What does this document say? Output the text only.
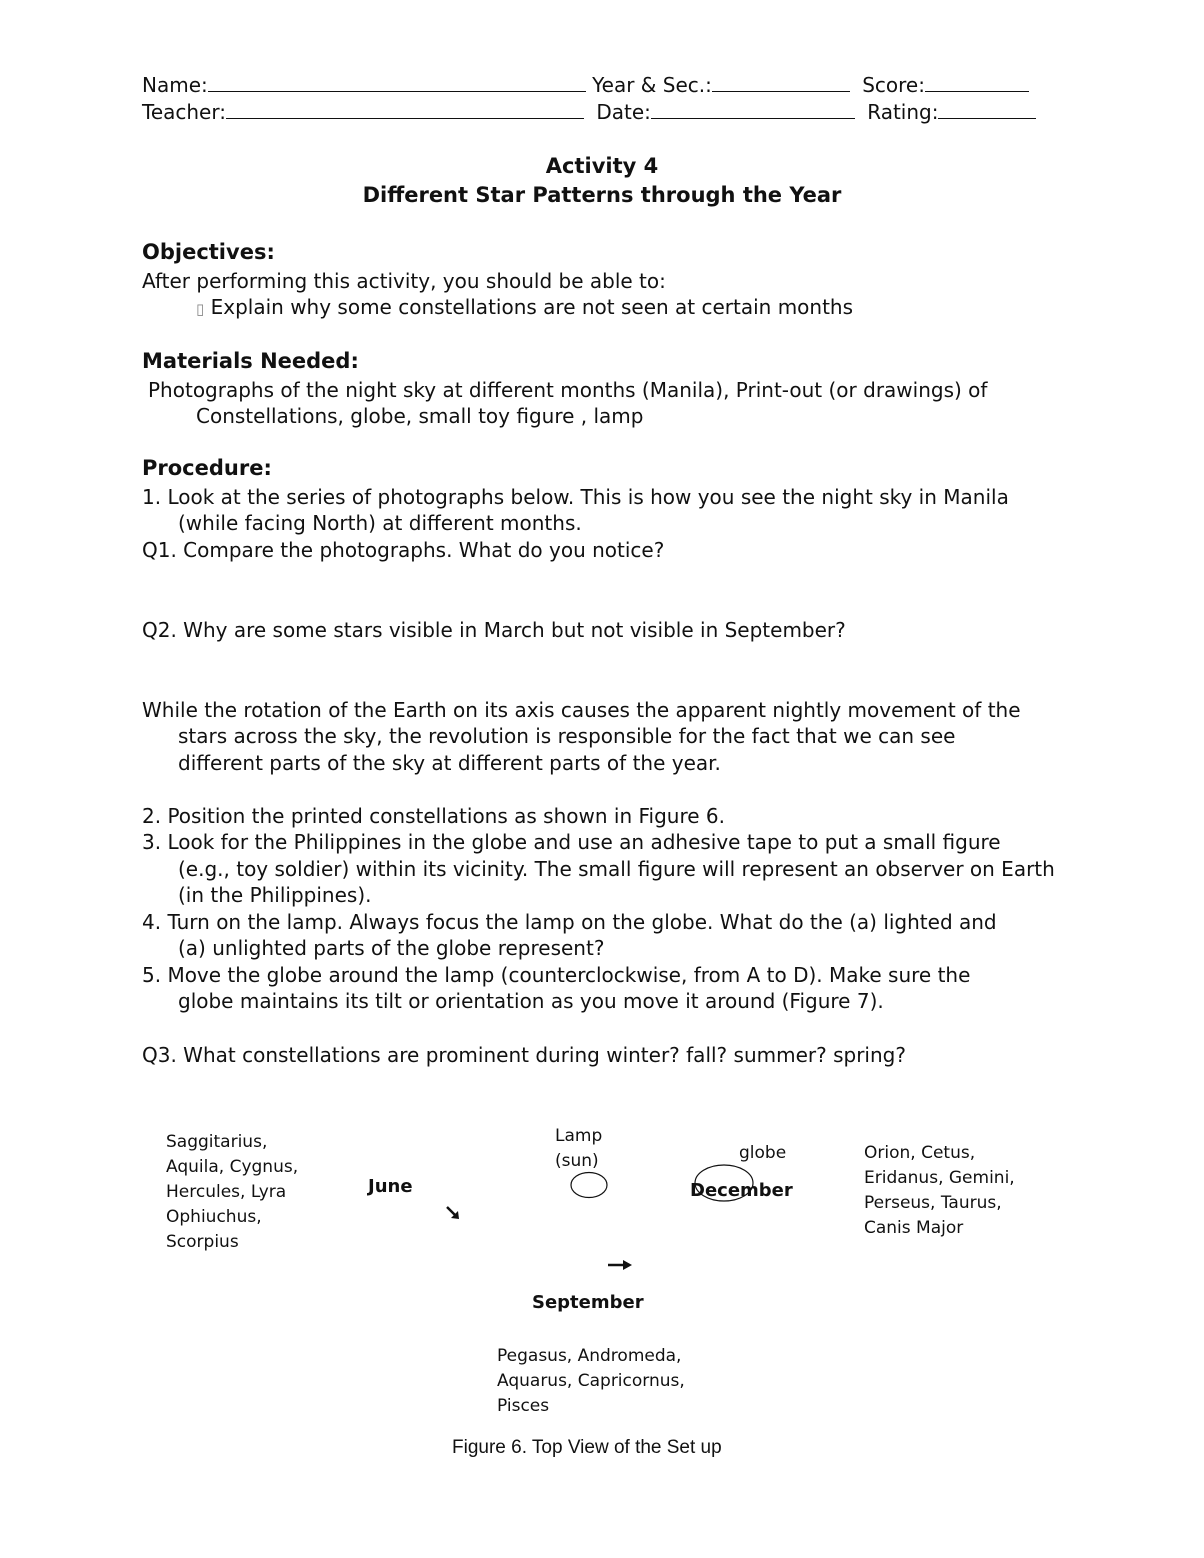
Name:	Year & Sec.:	Score:
Teacher:	Date:	Rating:
Activity 4
Different Star Patterns through the Year
Objectives:
After performing this activity, you should be able to:
▯ Explain why some constellations are not seen at certain months
Materials Needed:
Photographs of the night sky at different months (Manila), Print-out (or drawings) of
Constellations, globe, small toy figure , lamp
Procedure:
1. Look at the series of photographs below. This is how you see the night sky in Manila
(while facing North) at different months.
Q1. Compare the photographs. What do you notice?
Q2. Why are some stars visible in March but not visible in September?
While the rotation of the Earth on its axis causes the apparent nightly movement of the
stars across the sky, the revolution is responsible for the fact that we can see
different parts of the sky at different parts of the year.
2. Position the printed constellations as shown in Figure 6.
3. Look for the Philippines in the globe and use an adhesive tape to put a small figure
(e.g., toy soldier) within its vicinity. The small figure will represent an observer on Earth
(in the Philippines).
4. Turn on the lamp. Always focus the lamp on the globe. What do the (a) lighted and
(a) unlighted parts of the globe represent?
5. Move the globe around the lamp (counterclockwise, from A to D). Make sure the
globe maintains its tilt or orientation as you move it around (Figure 7).
Q3. What constellations are prominent during winter? fall? summer? spring?
Saggitarius,
Aquila, Cygnus,
Hercules, Lyra
Ophiuchus,
Scorpius
June
Lamp
(sun)	globe
December
Orion, Cetus,
Eridanus, Gemini,
Perseus, Taurus,
Canis Major
September
Pegasus, Andromeda,
Aquarus, Capricornus,
Pisces
Figure 6. Top View of the Set up
